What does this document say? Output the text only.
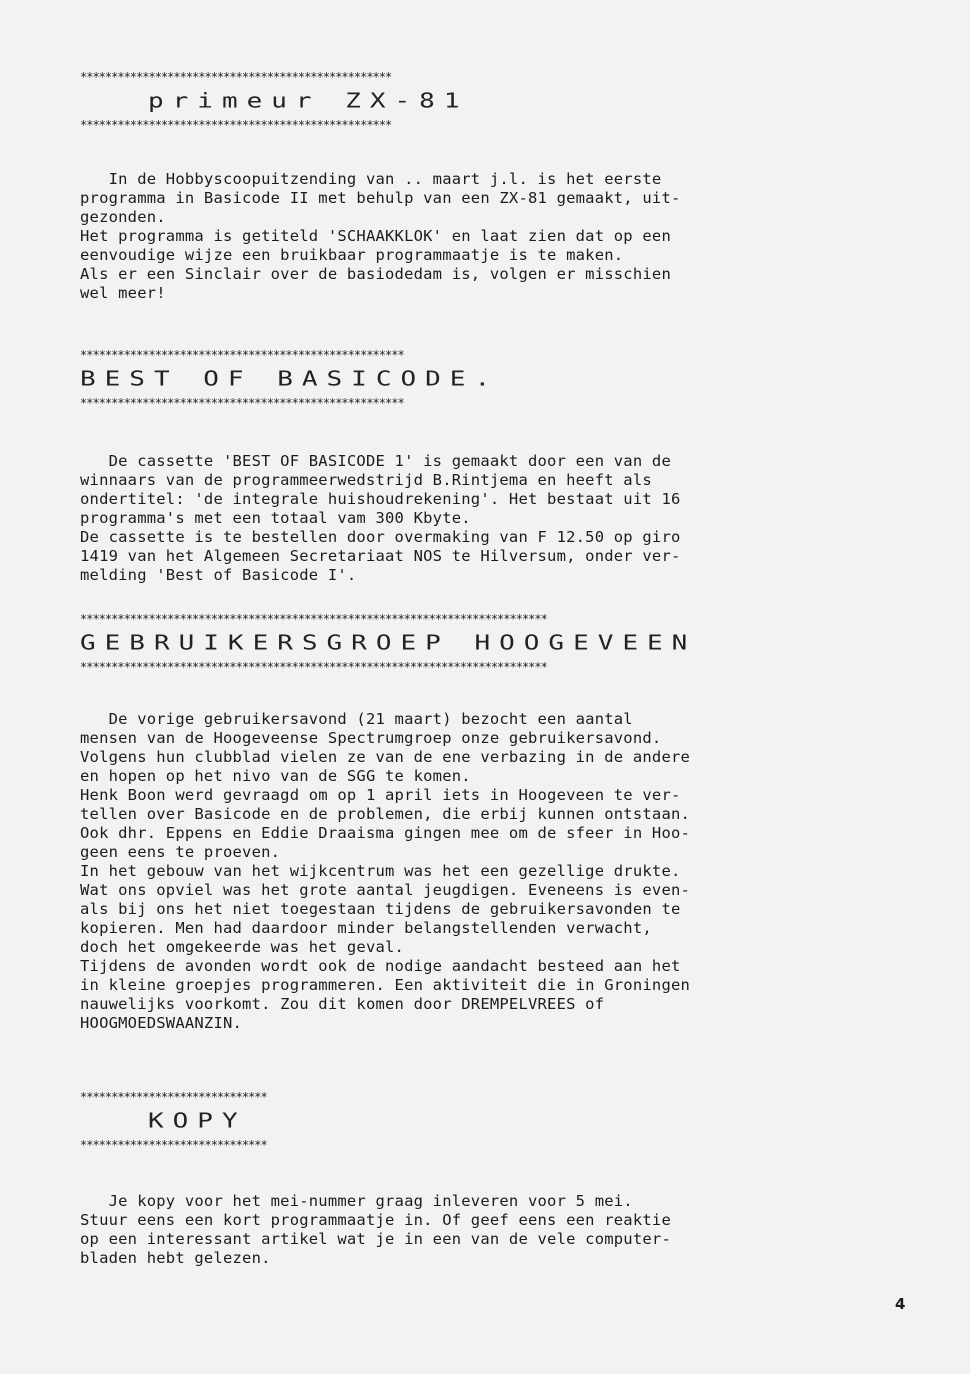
**************************************************
primeur ZX-81
**************************************************

In de Hobbyscoopuitzending van .. maart j.l. is het eerste

programma in Basicode II met behulp van een ZX-81 gemaakt, uit-

gezonden.

Het programma is getiteld 'SCHAAKKLOK' en laat zien dat op een

eenvoudige wijze een bruikbaar programmaatje is te maken.

Als er een Sinclair over de basiodedam is, volgen er misschien

wel meer!

****************************************************
BEST OF BASICODE.
****************************************************

De cassette 'BEST OF BASICODE 1' is gemaakt door een van de

winnaars van de programmeerwedstrijd B.Rintjema en heeft als

ondertitel: 'de integrale huishoudrekening'. Het bestaat uit 16

programma's met een totaal vam 300 Kbyte.

De cassette is te bestellen door overmaking van F 12.50 op giro

1419 van het Algemeen Secretariaat NOS te Hilversum, onder ver-

melding 'Best of Basicode I'.

***************************************************************************
GEBRUIKERSGROEP HOOGEVEEN
***************************************************************************

De vorige gebruikersavond (21 maart) bezocht een aantal

mensen van de Hoogeveense Spectrumgroep onze gebruikersavond.

Volgens hun clubblad vielen ze van de ene verbazing in de andere

en hopen op het nivo van de SGG te komen.

Henk Boon werd gevraagd om op 1 april iets in Hoogeveen te ver-

tellen over Basicode en de problemen, die erbij kunnen ontstaan.

Ook dhr. Eppens en Eddie Draaisma gingen mee om de sfeer in Hoo-

geen eens te proeven.

In het gebouw van het wijkcentrum was het een gezellige drukte.

Wat ons opviel was het grote aantal jeugdigen. Eveneens is even-

als bij ons het niet toegestaan tijdens de gebruikersavonden te

kopieren. Men had daardoor minder belangstellenden verwacht,

doch het omgekeerde was het geval.

Tijdens de avonden wordt ook de nodige aandacht besteed aan het

in kleine groepjes programmeren. Een aktiviteit die in Groningen

nauwelijks voorkomt. Zou dit komen door DREMPELVREES of

HOOGMOEDSWAANZIN.

******************************
KOPY
******************************

Je kopy voor het mei-nummer graag inleveren voor 5 mei.

Stuur eens een kort programmaatje in. Of geef eens een reaktie

op een interessant artikel wat je in een van de vele computer-

bladen hebt gelezen.

4
